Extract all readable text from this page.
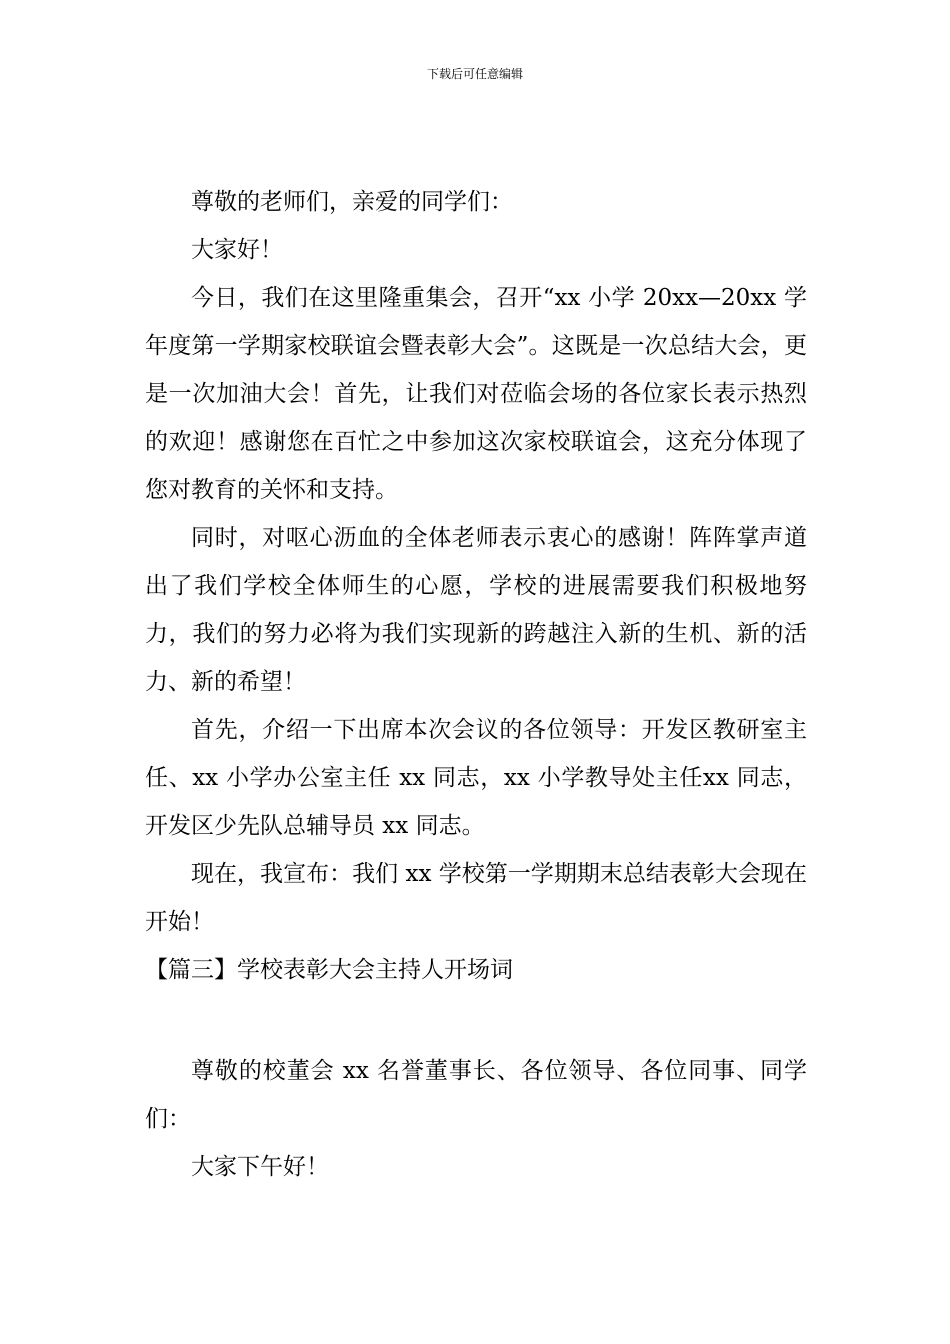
下载后可任意编辑

尊敬的老师们，亲爱的同学们：

大家好！

今日，我们在这里隆重集会，召开“xx 小学 20xx—20xx 学年度第一学期家校联谊会暨表彰大会”。这既是一次总结大会，更是一次加油大会！首先，让我们对莅临会场的各位家长表示热烈的欢迎！感谢您在百忙之中参加这次家校联谊会，这充分体现了您对教育的关怀和支持。

同时，对呕心沥血的全体老师表示衷心的感谢！阵阵掌声道出了我们学校全体师生的心愿，学校的进展需要我们积极地努力，我们的努力必将为我们实现新的跨越注入新的生机、新的活力、新的希望！

首先，介绍一下出席本次会议的各位领导：开发区教研室主任、xx 小学办公室主任 xx 同志，xx 小学教导处主任xx 同志，开发区少先队总辅导员 xx 同志。

现在，我宣布：我们 xx 学校第一学期期末总结表彰大会现在开始！

【篇三】学校表彰大会主持人开场词

尊敬的校董会 xx 名誉董事长、各位领导、各位同事、同学们：

大家下午好！
